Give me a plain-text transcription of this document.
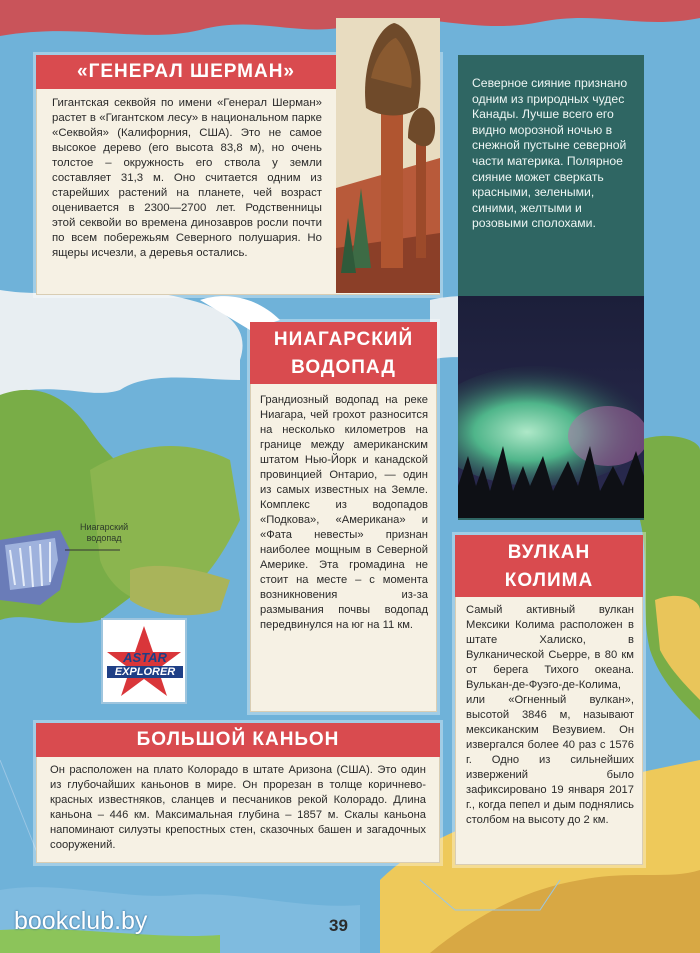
Ниагарский
водопад
«ГЕНЕРАЛ ШЕРМАН»
Гигантская секвойя по имени «Генерал Шерман» растет в «Гигантском лесу» в национальном парке «Секвойя» (Калифорния, США). Это не самое высокое дерево (его высота 83,8 м), но очень толстое – окружность его ствола у земли составляет 31,3 м. Оно считается одним из старейших растений на планете, чей возраст оценивается в 2300—2700 лет. Родственницы этой секвойи во времена динозавров росли почти по всем побережьям Северного полушария. Но ящеры исчезли, а деревья остались.
Северное сияние признано одним из природных чудес Канады. Лучше всего его видно морозной ночью в снежной пустыне северной части материка. Полярное сияние может сверкать красными, зелеными, синими, желтыми и розовыми сполохами.
НИАГАРСКИЙ
ВОДОПАД
Грандиозный водопад на реке Ниагара, чей грохот разносится на несколько километров на границе между американским штатом Нью-Йорк и канадской провинцией Онтарио, — один из самых известных на Земле. Комплекс из водопадов «Подкова», «Американа» и «Фата невесты» признан наиболее мощным в Северной Америке. Эта громадина не стоит на месте – с момента возникновения из-за размывания почвы водопад передвинулся на юг на 11 км.
ASTAR
EXPLORER
ВУЛКАН
КОЛИМА
Самый активный вулкан Мексики Колима расположен в штате Халиско, в Вулканической Сьерре, в 80 км от берега Тихого океана. Вулькан-де-Фуэго-де-Колима, или «Огненный вулкан», высотой 3846 м, называют мексиканским Везувием. Он извергался более 40 раз с 1576 г. Одно из сильнейших извержений было зафиксировано 19 января 2017 г., когда пепел и дым поднялись столбом на высоту до 2 км.
БОЛЬШОЙ КАНЬОН
Он расположен на плато Колорадо в штате Аризона (США). Это один из глубочайших каньонов в мире. Он прорезан в толще коричнево-красных известняков, сланцев и песчаников рекой Колорадо. Длина каньона – 446 км. Максимальная глубина – 1857 м. Скалы каньона напоминают силуэты крепостных стен, сказочных башен и загадочных сооружений.
bookclub.by	39
